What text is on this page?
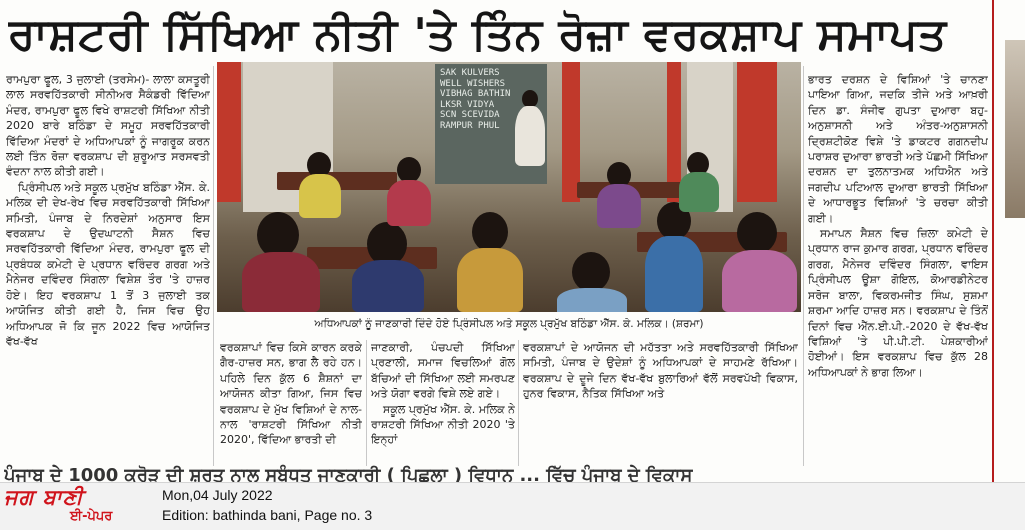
ਰਾਸ਼ਟਰੀ ਸਿੱਖਿਆ ਨੀਤੀ 'ਤੇ ਤਿੰਨ ਰੋਜ਼ਾ ਵਰਕਸ਼ਾਪ ਸਮਾਪਤ

ਰਾਮਪੁਰਾ ਫੂਲ, 3 ਜੁਲਾਈ (ਤਰਸੇਮ)- ਲਾਲਾ ਕਸਤੂਰੀ ਲਾਲ ਸਰਵਹਿੱਤਕਾਰੀ ਸੀਨੀਅਰ ਸੈਕੰਡਰੀ ਵਿੱਦਿਆ ਮੰਦਰ, ਰਾਮਪੁਰਾ ਫੂਲ ਵਿਖੇ ਰਾਸ਼ਟਰੀ ਸਿੱਖਿਆ ਨੀਤੀ 2020 ਬਾਰੇ ਬਠਿੰਡਾ ਦੇ ਸਮੂਹ ਸਰਵਹਿੱਤਕਾਰੀ ਵਿੱਦਿਆ ਮੰਦਰਾਂ ਦੇ ਅਧਿਆਪਕਾਂ ਨੂੰ ਜਾਗਰੂਕ ਕਰਨ ਲਈ ਤਿੰਨ ਰੋਜ਼ਾ ਵਰਕਸ਼ਾਪ ਦੀ ਸ਼ੁਰੂਆਤ ਸਰਸਵਤੀ ਵੰਦਨਾ ਨਾਲ ਕੀਤੀ ਗਈ।

ਪ੍ਰਿੰਸੀਪਲ ਅਤੇ ਸਕੂਲ ਪ੍ਰਮੁੱਖ ਬਠਿੰਡਾ ਐੱਸ. ਕੇ. ਮਲਿਕ ਦੀ ਦੇਖ-ਰੇਖ ਵਿਚ ਸਰਵਹਿੱਤਕਾਰੀ ਸਿੱਖਿਆ ਸਮਿਤੀ, ਪੰਜਾਬ ਦੇ ਨਿਰਦੇਸ਼ਾਂ ਅਨੁਸਾਰ ਇਸ ਵਰਕਸ਼ਾਪ ਦੇ ਉਦਘਾਟਨੀ ਸੈਸ਼ਨ ਵਿਚ ਸਰਵਹਿੱਤਕਾਰੀ ਵਿੱਦਿਆ ਮੰਦਰ, ਰਾਮਪੁਰਾ ਫੂਲ ਦੀ ਪ੍ਰਬੰਧਕ ਕਮੇਟੀ ਦੇ ਪ੍ਰਧਾਨ ਵਰਿੰਦਰ ਗਰਗ ਅਤੇ ਮੈਨੇਜਰ ਦਵਿੰਦਰ ਸਿੰਗਲਾ ਵਿਸ਼ੇਸ਼ ਤੌਰ 'ਤੇ ਹਾਜ਼ਰ ਹੋਏ। ਇਹ ਵਰਕਸ਼ਾਪ 1 ਤੋਂ 3 ਜੁਲਾਈ ਤਕ ਆਯੋਜਿਤ ਕੀਤੀ ਗਈ ਹੈ, ਜਿਸ ਵਿਚ ਉਹ ਅਧਿਆਪਕ ਜੋ ਕਿ ਜੂਨ 2022 ਵਿਚ ਆਯੋਜਿਤ ਵੱਖ-ਵੱਖ

SAK KULVERS
WELL WISHERS
VIBHAG BATHIN
LKSR VIDYA
SCN SCEVIDA
RAMPUR PHUL
ਅਧਿਆਪਕਾਂ ਨੂੰ ਜਾਣਕਾਰੀ ਦਿੰਦੇ ਹੋਏ ਪ੍ਰਿੰਸੀਪਲ ਅਤੇ ਸਕੂਲ ਪ੍ਰਮੁੱਖ ਬਠਿੰਡਾ ਐੱਸ. ਕੇ. ਮਲਿਕ। (ਸ਼ਰਮਾ)

ਵਰਕਸ਼ਾਪਾਂ ਵਿਚ ਕਿਸੇ ਕਾਰਨ ਕਰਕੇ ਗੈਰ-ਹਾਜ਼ਰ ਸਨ, ਭਾਗ ਲੈ ਰਹੇ ਹਨ। ਪਹਿਲੇ ਦਿਨ ਕੁੱਲ 6 ਸ਼ੈਸ਼ਨਾਂ ਦਾ ਆਯੋਜਨ ਕੀਤਾ ਗਿਆ, ਜਿਸ ਵਿਚ ਵਰਕਸ਼ਾਪ ਦੇ ਮੁੱਖ ਵਿਸ਼ਿਆਂ ਦੇ ਨਾਲ-ਨਾਲ 'ਰਾਸ਼ਟਰੀ ਸਿੱਖਿਆ ਨੀਤੀ 2020', ਵਿੱਦਿਆ ਭਾਰਤੀ ਦੀ

ਜਾਣਕਾਰੀ, ਪੰਚਪਦੀ ਸਿੱਖਿਆ ਪ੍ਰਣਾਲੀ, ਸਮਾਜ ਵਿਚਲਿਆਂ ਗੋਲ ਬੱਚਿਆਂ ਦੀ ਸਿੱਖਿਆ ਲਈ ਸਮਰਪਣ ਅਤੇ ਯੋਗਾ ਵਰਗੇ ਵਿਸ਼ੇ ਲਏ ਗਏ।

ਸਕੂਲ ਪ੍ਰਮੁੱਖ ਐੱਸ. ਕੇ. ਮਲਿਕ ਨੇ ਰਾਸ਼ਟਰੀ ਸਿੱਖਿਆ ਨੀਤੀ 2020 'ਤੇ ਇਨ੍ਹਾਂ

ਵਰਕਸ਼ਾਪਾਂ ਦੇ ਆਯੋਜਨ ਦੀ ਮਹੱਤਤਾ ਅਤੇ ਸਰਵਹਿੱਤਕਾਰੀ ਸਿੱਖਿਆ ਸਮਿਤੀ, ਪੰਜਾਬ ਦੇ ਉਦੇਸ਼ਾਂ ਨੂੰ ਅਧਿਆਪਕਾਂ ਦੇ ਸਾਹਮਣੇ ਰੱਖਿਆ। ਵਰਕਸ਼ਾਪ ਦੇ ਦੂਜੇ ਦਿਨ ਵੱਖ-ਵੱਖ ਬੁਲਾਰਿਆਂ ਵੱਲੋਂ ਸਰਵਪੱਖੀ ਵਿਕਾਸ, ਹੁਨਰ ਵਿਕਾਸ, ਨੈਤਿਕ ਸਿੱਖਿਆ ਅਤੇ

ਭਾਰਤ ਦਰਸ਼ਨ ਦੇ ਵਿਸ਼ਿਆਂ 'ਤੇ ਚਾਨਣਾ ਪਾਇਆ ਗਿਆ, ਜਦਕਿ ਤੀਜੇ ਅਤੇ ਆਖ਼ਰੀ ਦਿਨ ਡਾ. ਸੰਜੀਵ ਗੁਪਤਾ ਦੁਆਰਾ ਬਹੁ-ਅਨੁਸ਼ਾਸਨੀ ਅਤੇ ਅੰਤਰ-ਅਨੁਸ਼ਾਸਨੀ ਦ੍ਰਿਸ਼ਟੀਕੋਣ ਵਿਸ਼ੇ 'ਤੇ ਡਾਕਟਰ ਗਗਨਦੀਪ ਪਰਾਸ਼ਰ ਦੁਆਰਾ ਭਾਰਤੀ ਅਤੇ ਪੱਛਮੀ ਸਿੱਖਿਆ ਦਰਸ਼ਨ ਦਾ ਤੁਲਨਾਤਮਕ ਅਧਿਐਨ ਅਤੇ ਜਗਦੀਪ ਪਟਿਆਲ ਦੁਆਰਾ ਭਾਰਤੀ ਸਿੱਖਿਆ ਦੇ ਆਧਾਰਭੂਤ ਵਿਸ਼ਿਆਂ 'ਤੇ ਚਰਚਾ ਕੀਤੀ ਗਈ।

ਸਮਾਪਨ ਸੈਸ਼ਨ ਵਿਚ ਜ਼ਿਲਾ ਕਮੇਟੀ ਦੇ ਪ੍ਰਧਾਨ ਰਾਜ ਕੁਮਾਰ ਗਰਗ, ਪ੍ਰਧਾਨ ਵਰਿੰਦਰ ਗਰਗ, ਮੈਨੇਜਰ ਦਵਿੰਦਰ ਸਿੰਗਲਾ, ਵਾਇਸ ਪ੍ਰਿੰਸੀਪਲ ਊਸ਼ਾ ਗੋਇਲ, ਕੋਆਰਡੀਨੇਟਰ ਸਰੋਜ ਬਾਲਾ, ਵਿਕਰਮਜੀਤ ਸਿੰਘ, ਸੁਸ਼ਮਾ ਸ਼ਰਮਾ ਆਦਿ ਹਾਜ਼ਰ ਸਨ। ਵਰਕਸ਼ਾਪ ਦੇ ਤਿੰਨੋਂ ਦਿਨਾਂ ਵਿਚ ਐੱਨ.ਈ.ਪੀ.-2020 ਦੇ ਵੱਖ-ਵੱਖ ਵਿਸ਼ਿਆਂ 'ਤੇ ਪੀ.ਪੀ.ਟੀ. ਪੇਸ਼ਕਾਰੀਆਂ ਹੋਈਆਂ। ਇਸ ਵਰਕਸ਼ਾਪ ਵਿਚ ਕੁੱਲ 28 ਅਧਿਆਪਕਾਂ ਨੇ ਭਾਗ ਲਿਆ।

ਪੰਜਾਬ ਦੇ 1000 ਕਰੋੜ ਦੀ ਸ਼ਰਤ ਨਾਲ ਸਬੰਧਤ ਜਾਣਕਾਰੀ ( ਪਿਛਲਾ ) ਵਿਧਾਨ ... ਵਿੱਚ ਪੰਜਾਬ ਦੇ ਵਿਕਾਸ
ਜਗ ਬਾਣੀ
ਈ-ਪੇਪਰ
Mon,04 July 2022
Edition: bathinda bani, Page no. 3
